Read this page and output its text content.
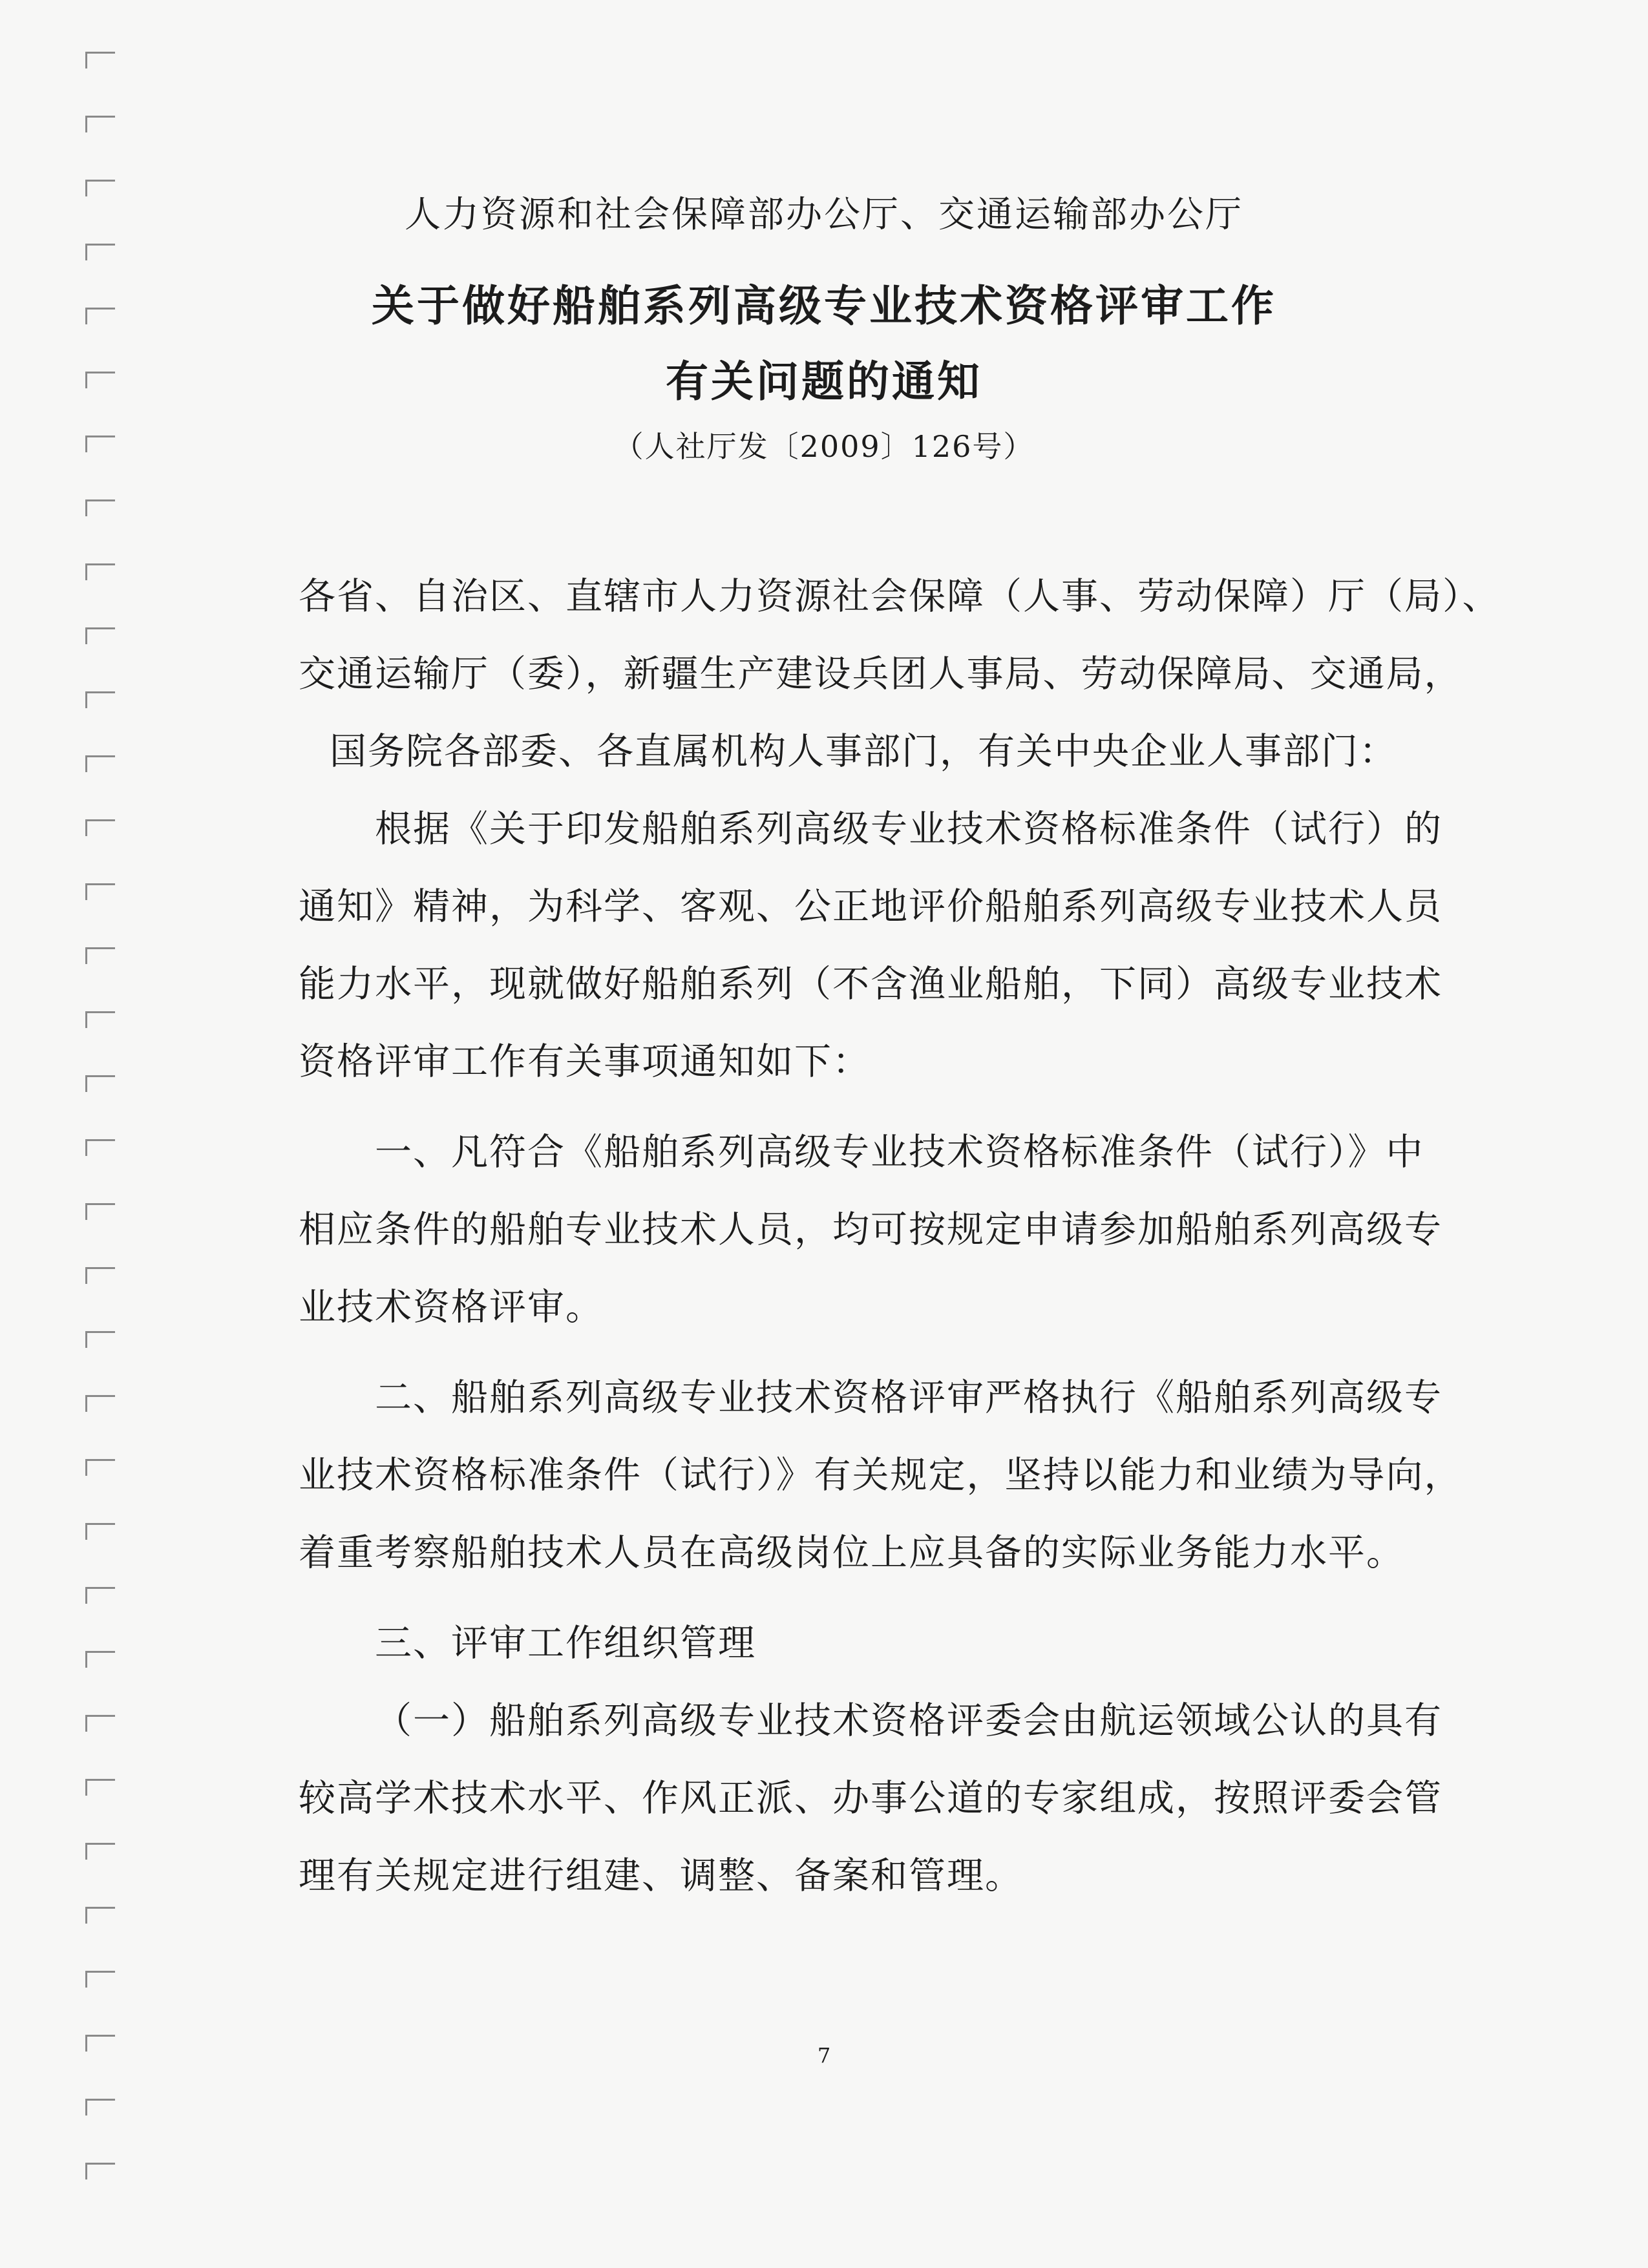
人力资源和社会保障部办公厅、交通运输部办公厅
关于做好船舶系列高级专业技术资格评审工作
有关问题的通知
（人社厅发〔2009〕126号）
各省、自治区、直辖市人力资源社会保障（人事、劳动保障）厅（局）、
交通运输厅（委），新疆生产建设兵团人事局、劳动保障局、交通局，
国务院各部委、各直属机构人事部门，有关中央企业人事部门：
根据《关于印发船舶系列高级专业技术资格标准条件（试行）的
通知》精神，为科学、客观、公正地评价船舶系列高级专业技术人员
能力水平，现就做好船舶系列（不含渔业船舶，下同）高级专业技术
资格评审工作有关事项通知如下：
一、凡符合《船舶系列高级专业技术资格标准条件（试行）》中
相应条件的船舶专业技术人员，均可按规定申请参加船舶系列高级专
业技术资格评审。
二、船舶系列高级专业技术资格评审严格执行《船舶系列高级专
业技术资格标准条件（试行）》有关规定，坚持以能力和业绩为导向，
着重考察船舶技术人员在高级岗位上应具备的实际业务能力水平。
三、评审工作组织管理
（一）船舶系列高级专业技术资格评委会由航运领域公认的具有
较高学术技术水平、作风正派、办事公道的专家组成，按照评委会管
理有关规定进行组建、调整、备案和管理。
7
